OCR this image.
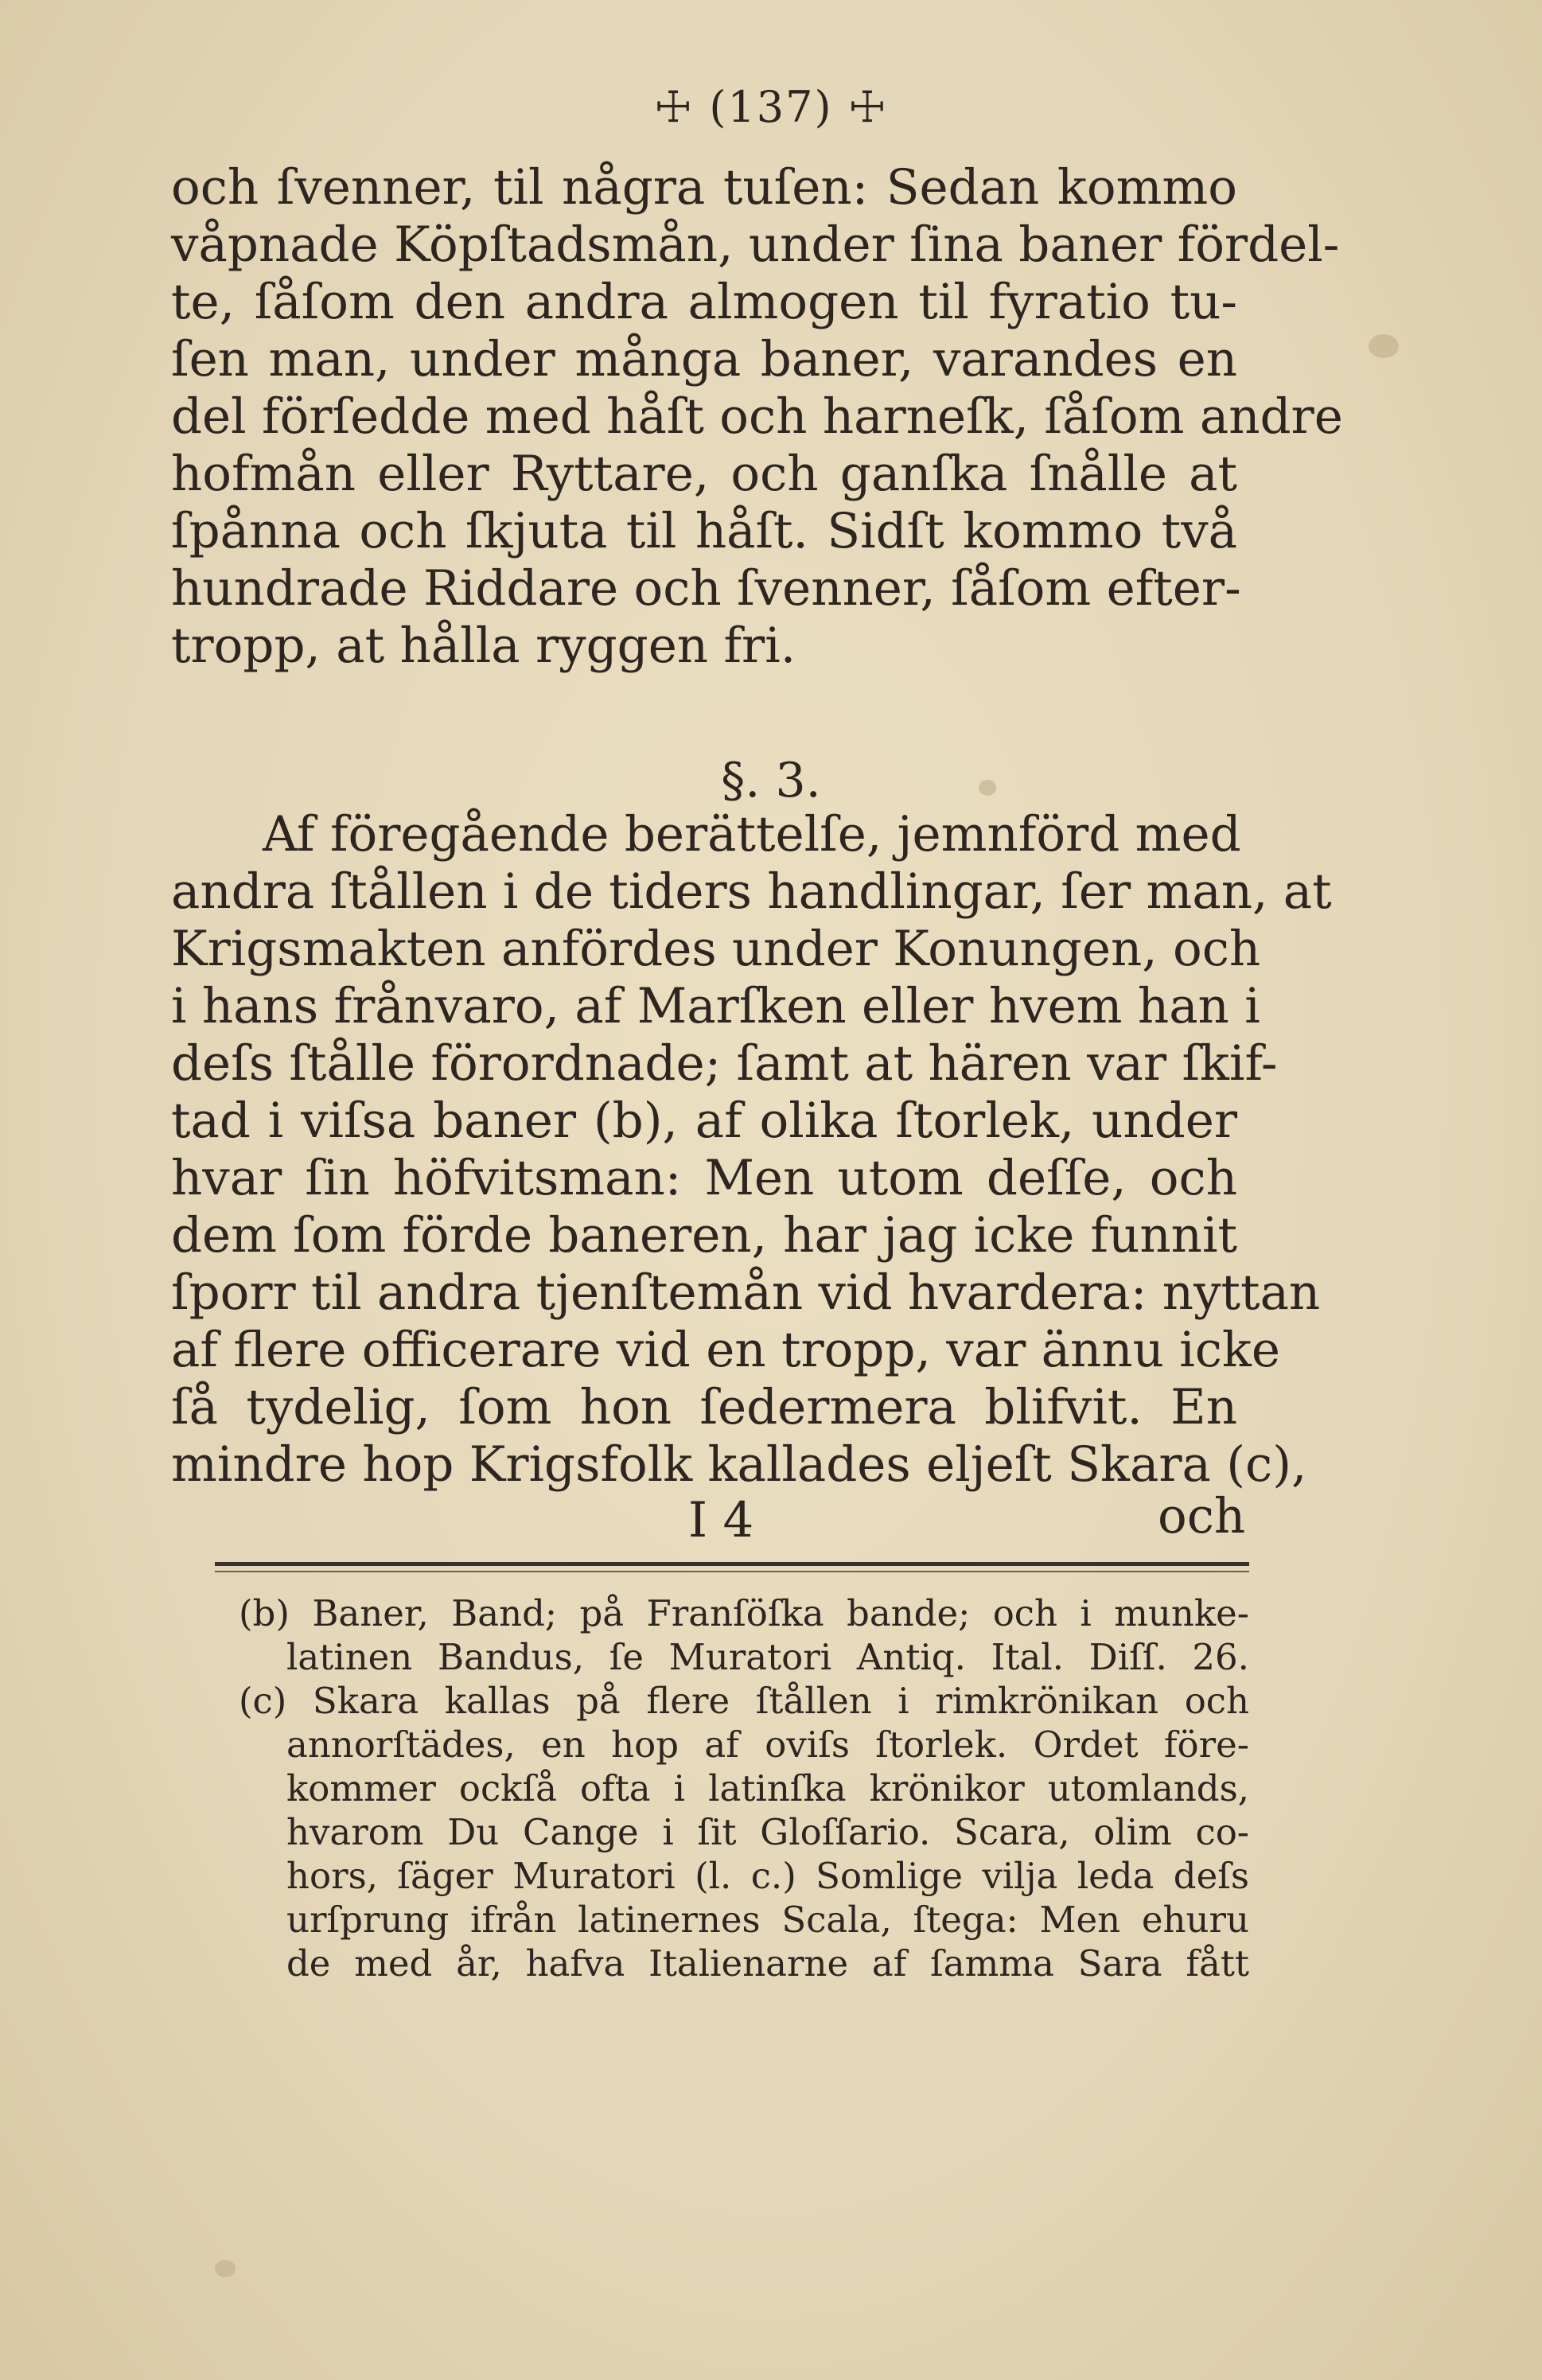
☩ (137) ☩

och ſvenner, til några tuſen: Sedan kommo

våpnade Köpſtadsmån, under ſina baner fördel-

te, ſåſom den andra almogen til fyratio tu-

ſen man, under många baner, varandes en

del förſedde med håſt och harneſk, ſåſom andre

hofmån eller Ryttare, och ganſka ſnålle at

ſpånna och ſkjuta til håſt. Sidſt kommo två

hundrade Riddare och ſvenner, ſåſom efter-

tropp, at hålla ryggen fri.

§. 3.

Af föregående berättelſe, jemnförd med

andra ſtållen i de tiders handlingar, ſer man, at

Krigsmakten anfördes under Konungen, och

i hans frånvaro, af Marſken eller hvem han i

deſs ſtålle förordnade; ſamt at hären var ſkif-

tad i viſsa baner (b), af olika ſtorlek, under

hvar ſin höfvitsman: Men utom deſſe, och

dem ſom förde baneren, har jag icke funnit

ſporr til andra tjenſtemån vid hvardera: nyttan

af flere officerare vid en tropp, var ännu icke

ſå tydelig, ſom hon ſedermera blifvit. En

mindre hop Krigsfolk kallades eljeſt Skara (c),

I 4	och

(b) Baner, Band; på Franſöſka bande; och i munke-

latinen Bandus, ſe Muratori Antiq. Ital. Diſſ. 26.

(c) Skara kallas på flere ſtållen i rimkrönikan och

annorſtädes, en hop af oviſs ſtorlek. Ordet före-

kommer ockſå ofta i latinſka krönikor utomlands,

hvarom Du Cange i ſit Gloſſario. Scara, olim co-

hors, ſäger Muratori (l. c.) Somlige vilja leda deſs

urſprung ifrån latinernes Scala, ſtega: Men ehuru

de med år, hafva Italienarne af ſamma Sara fått
